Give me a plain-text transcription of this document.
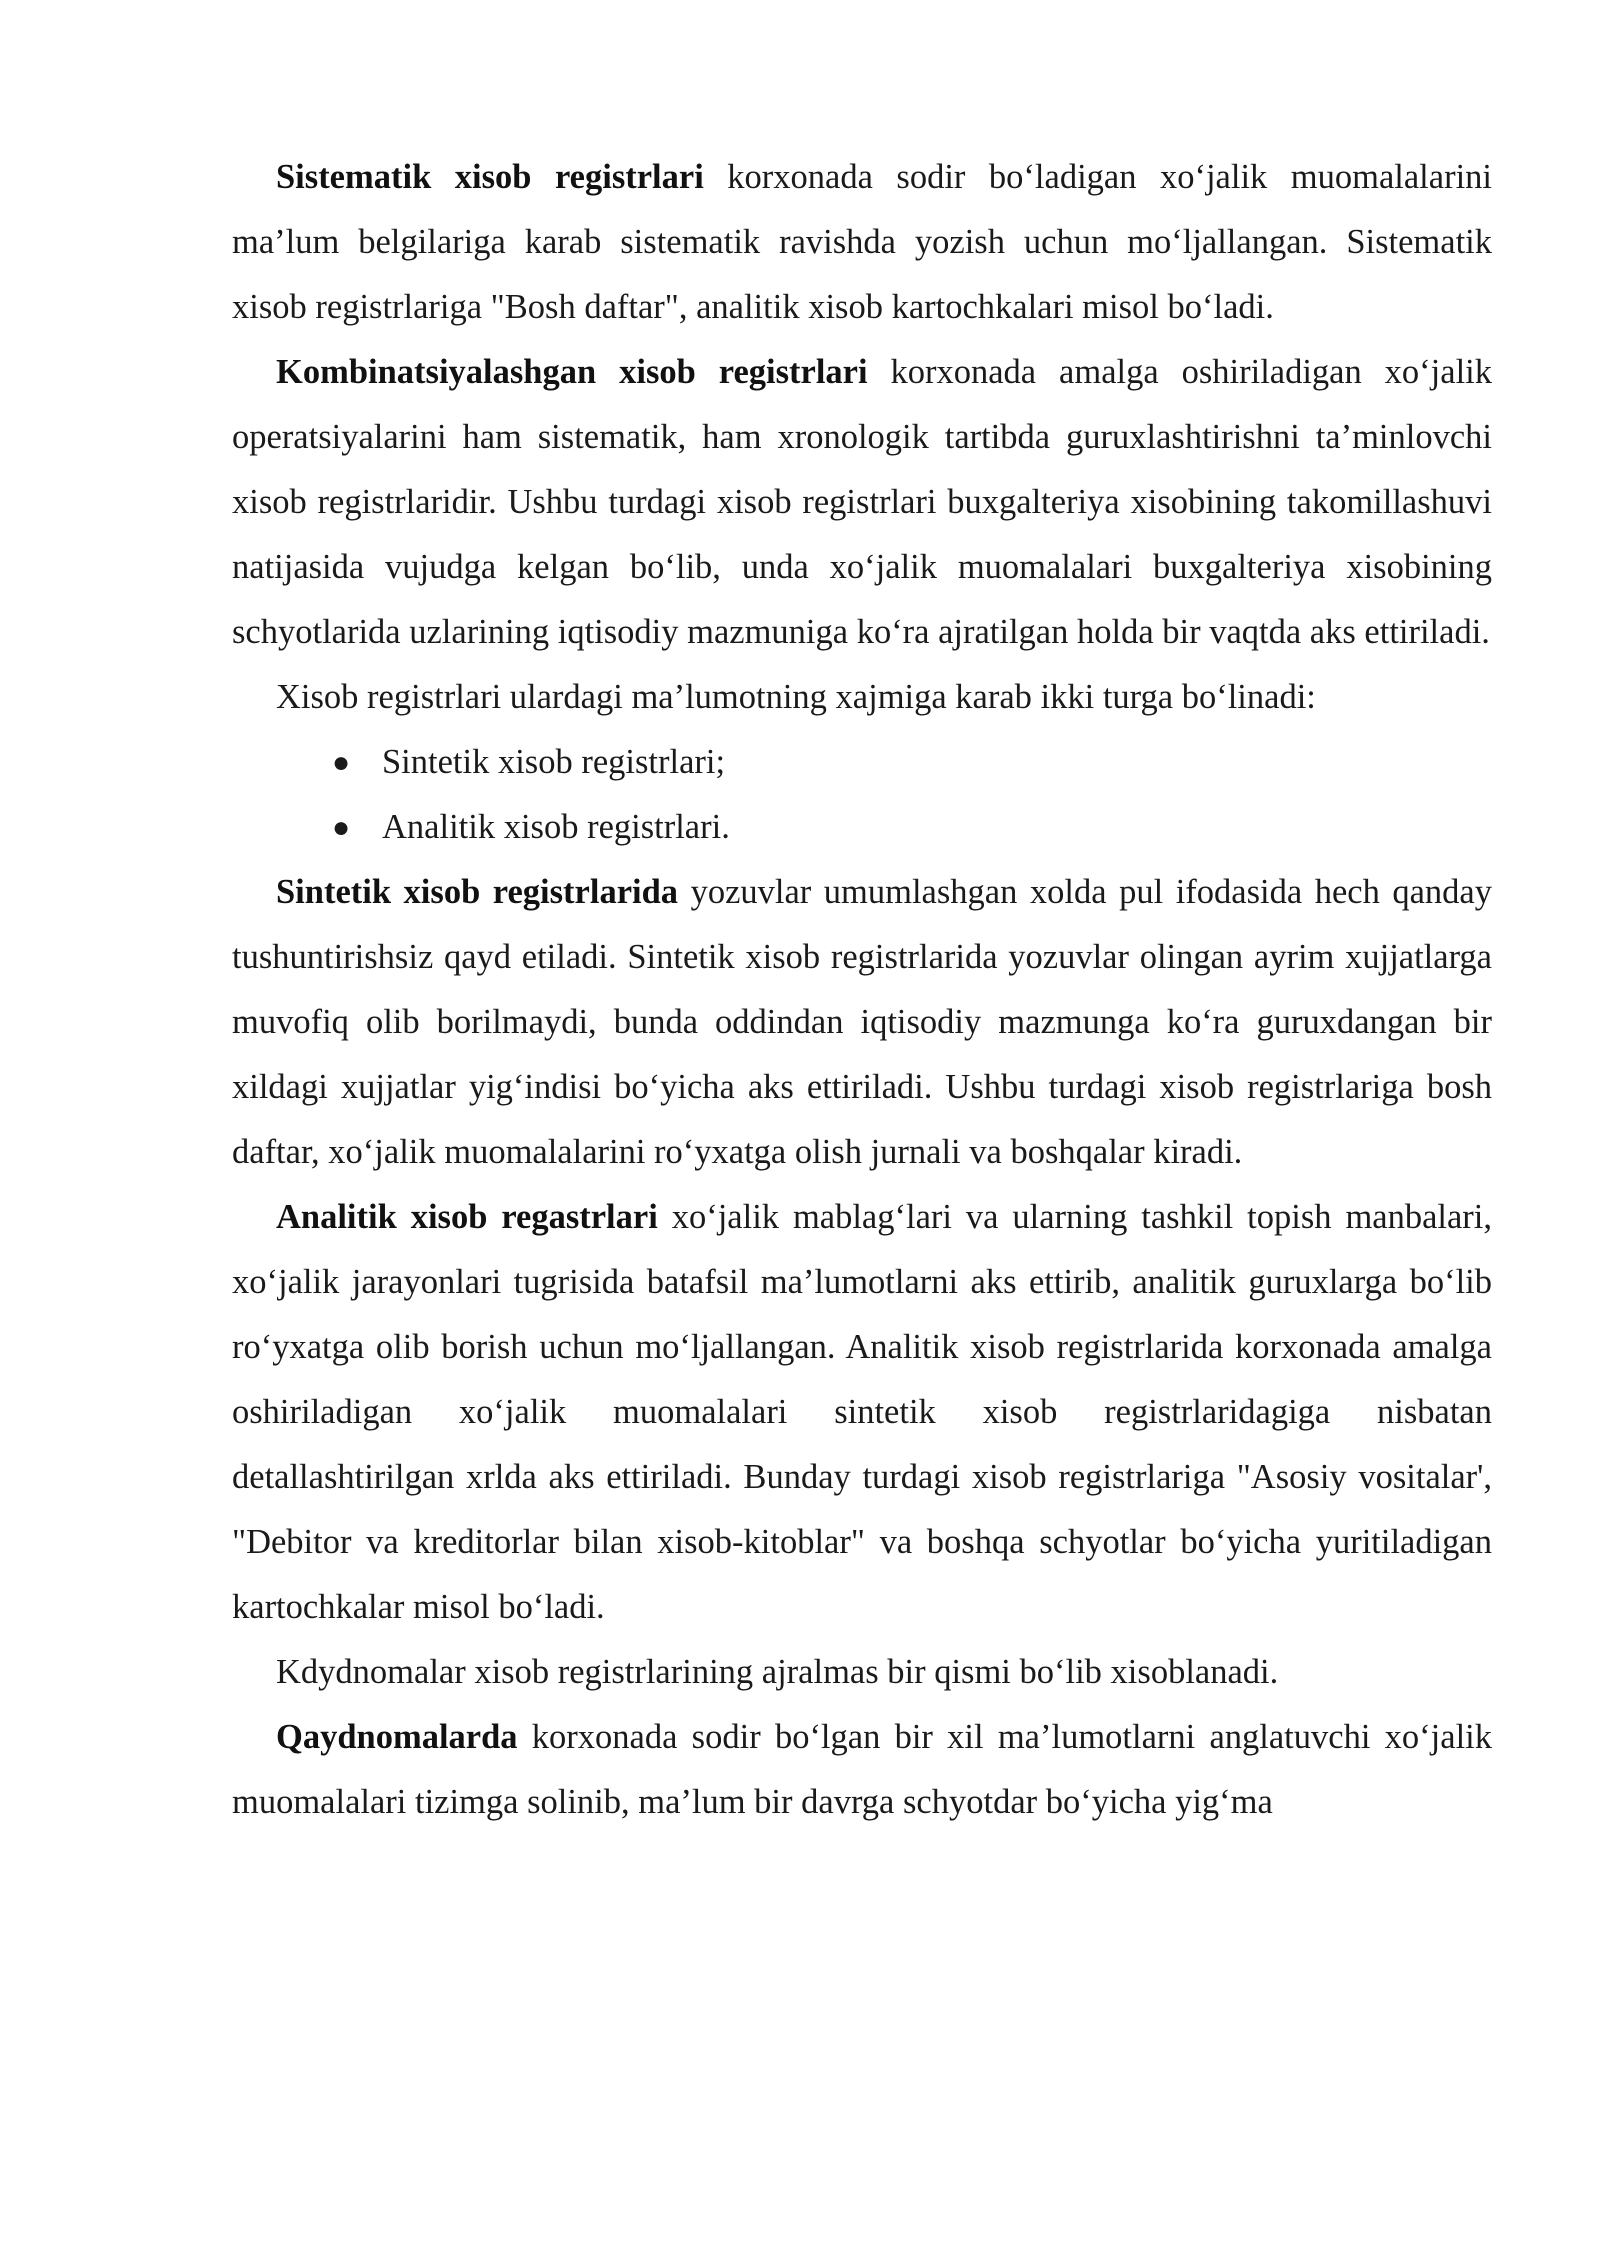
Sistematik xisob registrlari korxonada sodir bo‘ladigan xo‘jalik muomalalarini ma’lum belgilariga karab sistematik ravishda yozish uchun mo‘ljallangan. Sistematik xisob registrlariga "Bosh daftar", analitik xisob kartochkalari misol bo‘ladi.

Kombinatsiyalashgan xisob registrlari korxonada amalga oshiriladigan xo‘jalik operatsiyalarini ham sistematik, ham xronologik tartibda guruxlashtirishni ta’minlovchi xisob registrlaridir. Ushbu turdagi xisob registrlari buxgalteriya xisobining takomillashuvi natijasida vujudga kelgan bo‘lib, unda xo‘jalik muomalalari buxgalteriya xisobining schyotlarida uzlarining iqtisodiy mazmuniga ko‘ra ajratilgan holda bir vaqtda aks ettiriladi.

Xisob registrlari ulardagi ma’lumotning xajmiga karab ikki turga bo‘linadi:

● Sintetik xisob registrlari;
● Analitik xisob registrlari.

Sintetik xisob registrlarida yozuvlar umumlashgan xolda pul ifodasida hech qanday tushuntirishsiz qayd etiladi. Sintetik xisob registrlarida yozuvlar olingan ayrim xujjatlarga muvofiq olib borilmaydi, bunda oddindan iqtisodiy mazmunga ko‘ra guruxdangan bir xildagi xujjatlar yig‘indisi bo‘yicha aks ettiriladi. Ushbu turdagi xisob registrlariga bosh daftar, xo‘jalik muomalalarini ro‘yxatga olish jurnali va boshqalar kiradi.

Analitik xisob regastrlari xo‘jalik mablag‘lari va ularning tashkil topish manbalari, xo‘jalik jarayonlari tugrisida batafsil ma’lumotlarni aks ettirib, analitik guruxlarga bo‘lib ro‘yxatga olib borish uchun mo‘ljallangan. Analitik xisob registrlarida korxonada amalga oshiriladigan xo‘jalik muomalalari sintetik xisob registrlaridagiga nisbatan detallashtirilgan xrlda aks ettiriladi. Bunday turdagi xisob registrlariga "Asosiy vositalar', "Debitor va kreditorlar bilan xisob-kitoblar" va boshqa schyotlar bo‘yicha yuritiladigan kartochkalar misol bo‘ladi.

Kdydnomalar xisob registrlarining ajralmas bir qismi bo‘lib xisoblanadi.

Qaydnomalarda korxonada sodir bo‘lgan bir xil ma’lumotlarni anglatuvchi xo‘jalik muomalalari tizimga solinib, ma’lum bir davrga schyotdar bo‘yicha yig‘ma
